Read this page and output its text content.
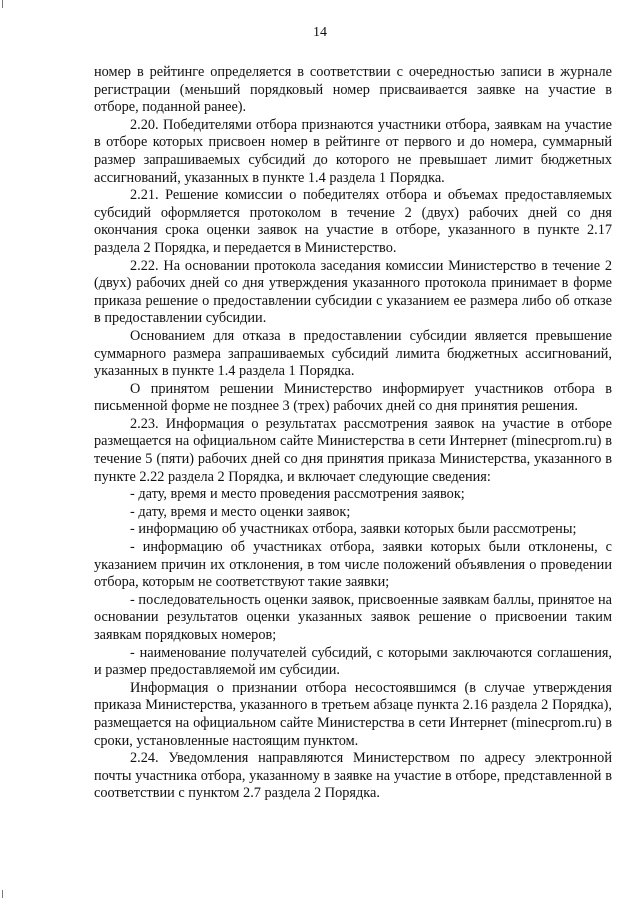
14

номер в рейтинге определяется в соответствии с очередностью записи в журнале регистрации (меньший порядковый номер присваивается заявке на участие в отборе, поданной ранее).

2.20. Победителями отбора признаются участники отбора, заявкам на участие в отборе которых присвоен номер в рейтинге от первого и до номера, суммарный размер запрашиваемых субсидий до которого не превышает лимит бюджетных ассигнований, указанных в пункте 1.4 раздела 1 Порядка.

2.21. Решение комиссии о победителях отбора и объемах предоставляемых субсидий оформляется протоколом в течение 2 (двух) рабочих дней со дня окончания срока оценки заявок на участие в отборе, указанного в пункте 2.17 раздела 2 Порядка, и передается в Министерство.

2.22. На основании протокола заседания комиссии Министерство в течение 2 (двух) рабочих дней со дня утверждения указанного протокола принимает в форме приказа решение о предоставлении субсидии с указанием ее размера либо об отказе в предоставлении субсидии.

Основанием для отказа в предоставлении субсидии является превышение суммарного размера запрашиваемых субсидий лимита бюджетных ассигнований, указанных в пункте 1.4 раздела 1 Порядка.

О принятом решении Министерство информирует участников отбора в письменной форме не позднее 3 (трех) рабочих дней со дня принятия решения.

2.23. Информация о результатах рассмотрения заявок на участие в отборе размещается на официальном сайте Министерства в сети Интернет (minecprom.ru) в течение 5 (пяти) рабочих дней со дня принятия приказа Министерства, указанного в пункте 2.22 раздела 2 Порядка, и включает следующие сведения:

- дату, время и место проведения рассмотрения заявок;

- дату, время и место оценки заявок;

- информацию об участниках отбора, заявки которых были рассмотрены;

- информацию об участниках отбора, заявки которых были отклонены, с указанием причин их отклонения, в том числе положений объявления о проведении отбора, которым не соответствуют такие заявки;

- последовательность оценки заявок, присвоенные заявкам баллы, принятое на основании результатов оценки указанных заявок решение о присвоении таким заявкам порядковых номеров;

- наименование получателей субсидий, с которыми заключаются соглашения, и размер предоставляемой им субсидии.

Информация о признании отбора несостоявшимся (в случае утверждения приказа Министерства, указанного в третьем абзаце пункта 2.16 раздела 2 Порядка), размещается на официальном сайте Министерства в сети Интернет (minecprom.ru) в сроки, установленные настоящим пунктом.

2.24. Уведомления направляются Министерством по адресу электронной почты участника отбора, указанному в заявке на участие в отборе, представленной в соответствии с пунктом 2.7 раздела 2 Порядка.
